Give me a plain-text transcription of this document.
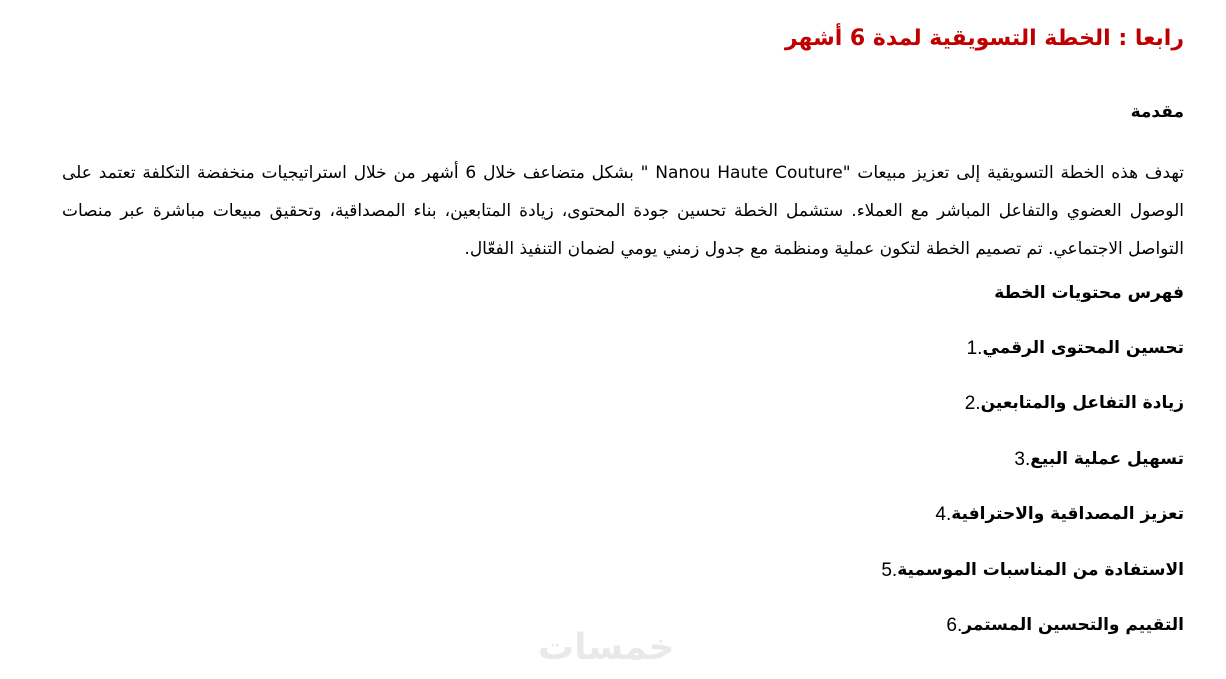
رابعا : الخطة التسويقية لمدة 6 أشهر
مقدمة

تهدف هذه الخطة التسويقية إلى تعزيز مبيعات "Nanou Haute Couture " بشكل متضاعف خلال 6 أشهر من خلال استراتيجيات منخفضة التكلفة تعتمد على الوصول العضوي والتفاعل المباشر مع العملاء. ستشمل الخطة تحسين جودة المحتوى، زيادة المتابعين، بناء المصداقية، وتحقيق مبيعات مباشرة عبر منصات التواصل الاجتماعي. تم تصميم الخطة لتكون عملية ومنظمة مع جدول زمني يومي لضمان التنفيذ الفعّال.

فهرس محتويات الخطة
تحسين المحتوى الرقمي
1.
زيادة التفاعل والمتابعين
2.
تسهيل عملية البيع
3.
تعزيز المصداقية والاحترافية
4.
الاستفادة من المناسبات الموسمية
5.
التقييم والتحسين المستمر
6.
خمسات
